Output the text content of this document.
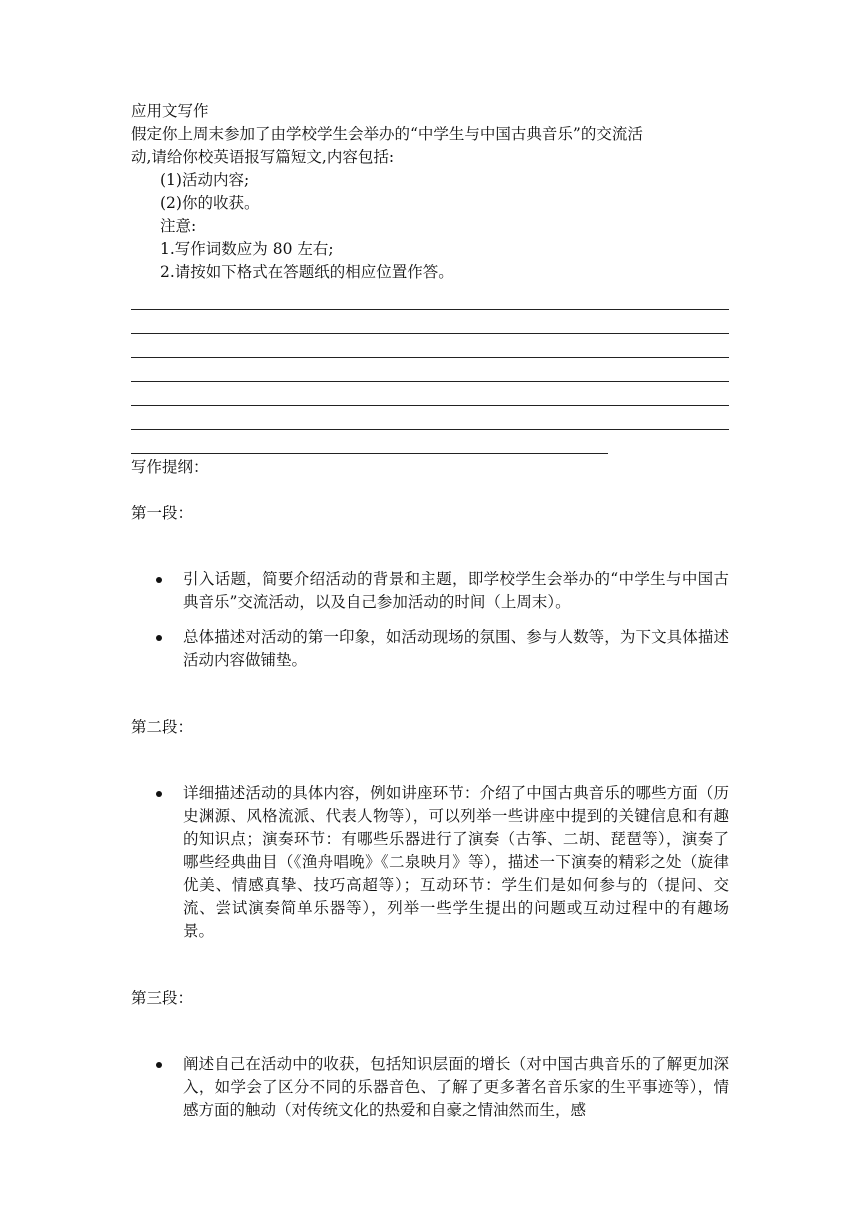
应用文写作
假定你上周末参加了由学校学生会举办的“中学生与中国古典音乐”的交流活
动,请给你校英语报写篇短文,内容包括:
(1)活动内容;
(2)你的收获。
注意:
1.写作词数应为 80 左右;
2.请按如下格式在答题纸的相应位置作答。
写作提纲：
第一段：
引入话题，简要介绍活动的背景和主题，即学校学生会举办的“中学生与中国古典音乐”交流活动，以及自己参加活动的时间（上周末）。
总体描述对活动的第一印象，如活动现场的氛围、参与人数等，为下文具体描述活动内容做铺垫。
第二段：
详细描述活动的具体内容，例如讲座环节：介绍了中国古典音乐的哪些方面（历史渊源、风格流派、代表人物等），可以列举一些讲座中提到的关键信息和有趣的知识点；演奏环节：有哪些乐器进行了演奏（古筝、二胡、琵琶等），演奏了哪些经典曲目（《渔舟唱晚》《二泉映月》等），描述一下演奏的精彩之处（旋律优美、情感真挚、技巧高超等）；互动环节：学生们是如何参与的（提问、交流、尝试演奏简单乐器等），列举一些学生提出的问题或互动过程中的有趣场景。
第三段：
阐述自己在活动中的收获，包括知识层面的增长（对中国古典音乐的了解更加深入，如学会了区分不同的乐器音色、了解了更多著名音乐家的生平事迹等），情感方面的触动（对传统文化的热爱和自豪之情油然而生，感
